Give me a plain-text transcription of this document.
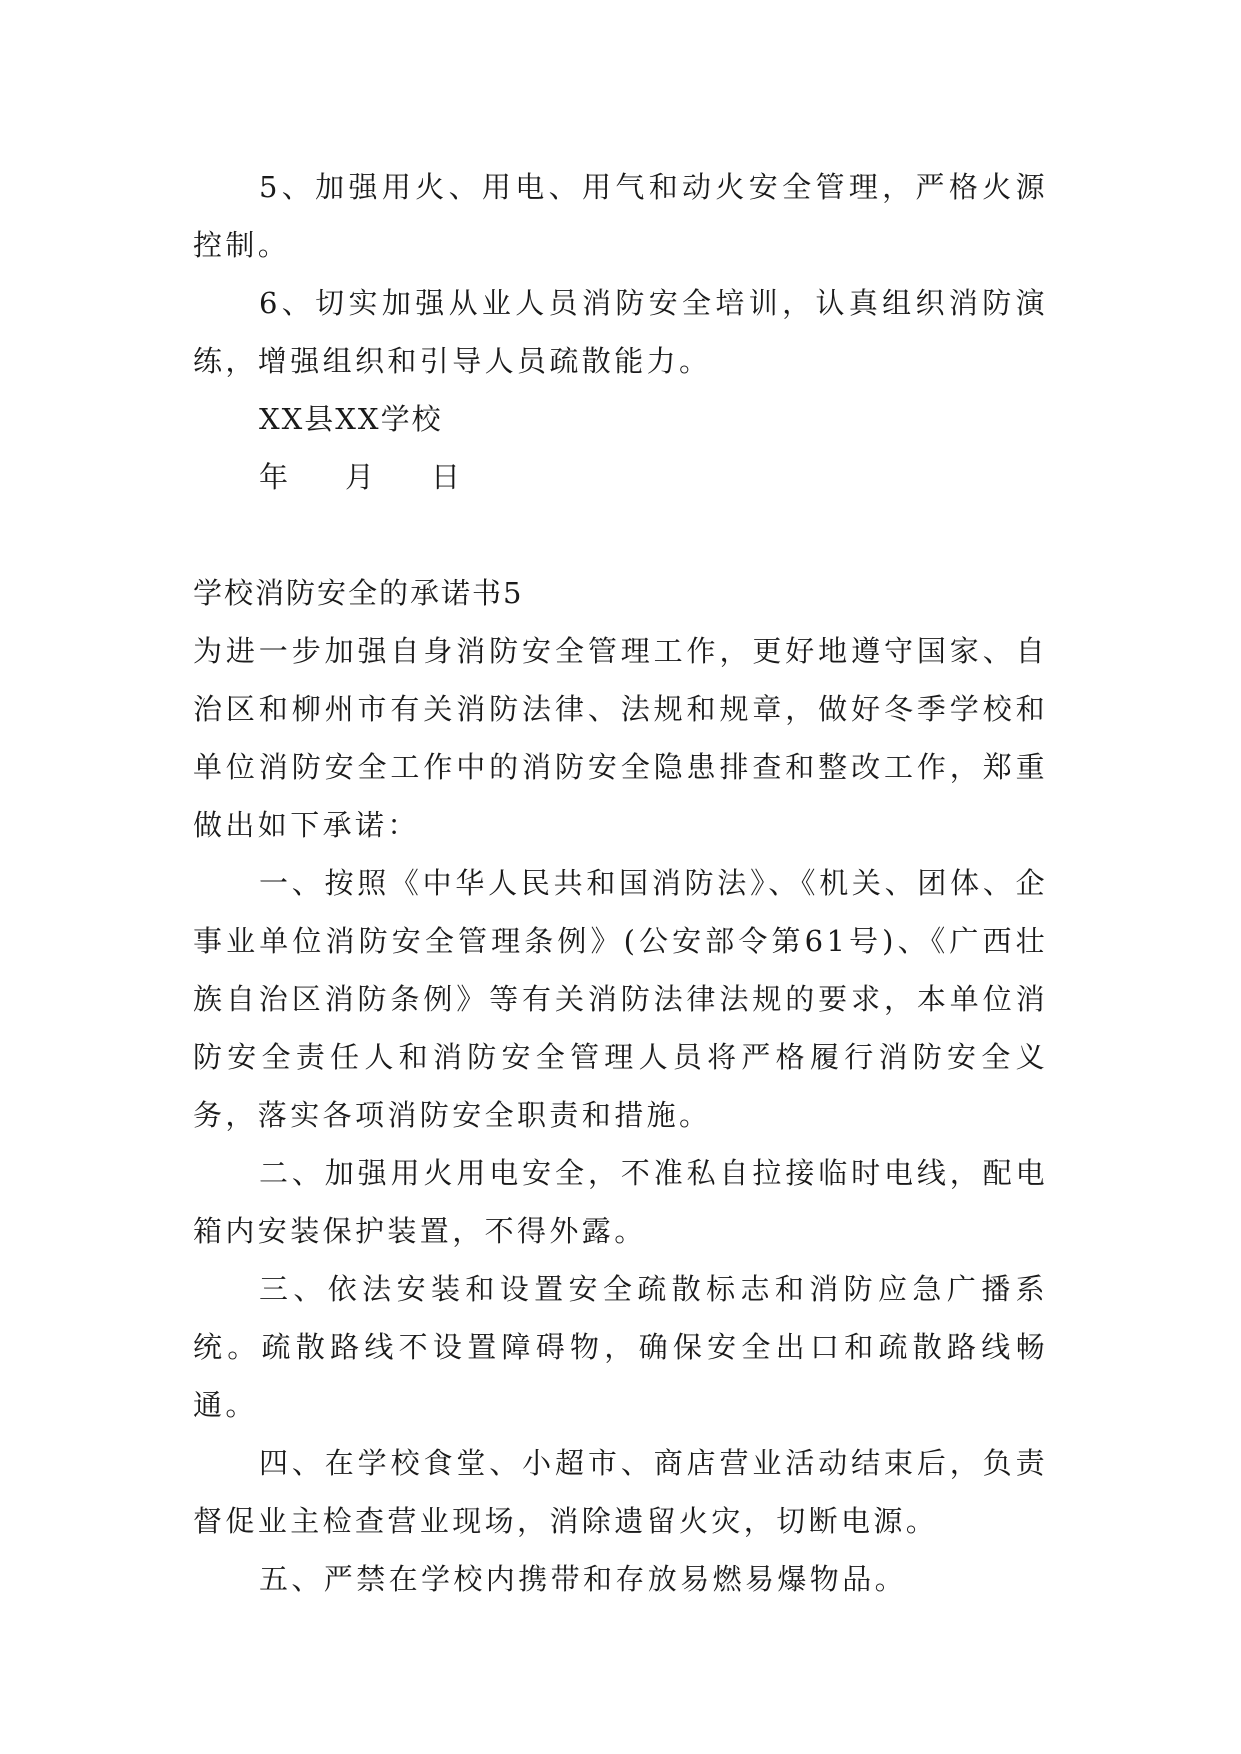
5、加强用火、用电、用气和动火安全管理，严格火源控制。

6、切实加强从业人员消防安全培训，认真组织消防演练，增强组织和引导人员疏散能力。

XX县XX学校

年 月 日

学校消防安全的承诺书5

为进一步加强自身消防安全管理工作，更好地遵守国家、自治区和柳州市有关消防法律、法规和规章，做好冬季学校和单位消防安全工作中的消防安全隐患排查和整改工作，郑重做出如下承诺：

一、按照《中华人民共和国消防法》、《机关、团体、企事业单位消防安全管理条例》(公安部令第61号)、《广西壮族自治区消防条例》等有关消防法律法规的要求，本单位消防安全责任人和消防安全管理人员将严格履行消防安全义务，落实各项消防安全职责和措施。

二、加强用火用电安全，不准私自拉接临时电线，配电箱内安装保护装置，不得外露。

三、依法安装和设置安全疏散标志和消防应急广播系统。疏散路线不设置障碍物，确保安全出口和疏散路线畅通。

四、在学校食堂、小超市、商店营业活动结束后，负责督促业主检查营业现场，消除遗留火灾，切断电源。

五、严禁在学校内携带和存放易燃易爆物品。
